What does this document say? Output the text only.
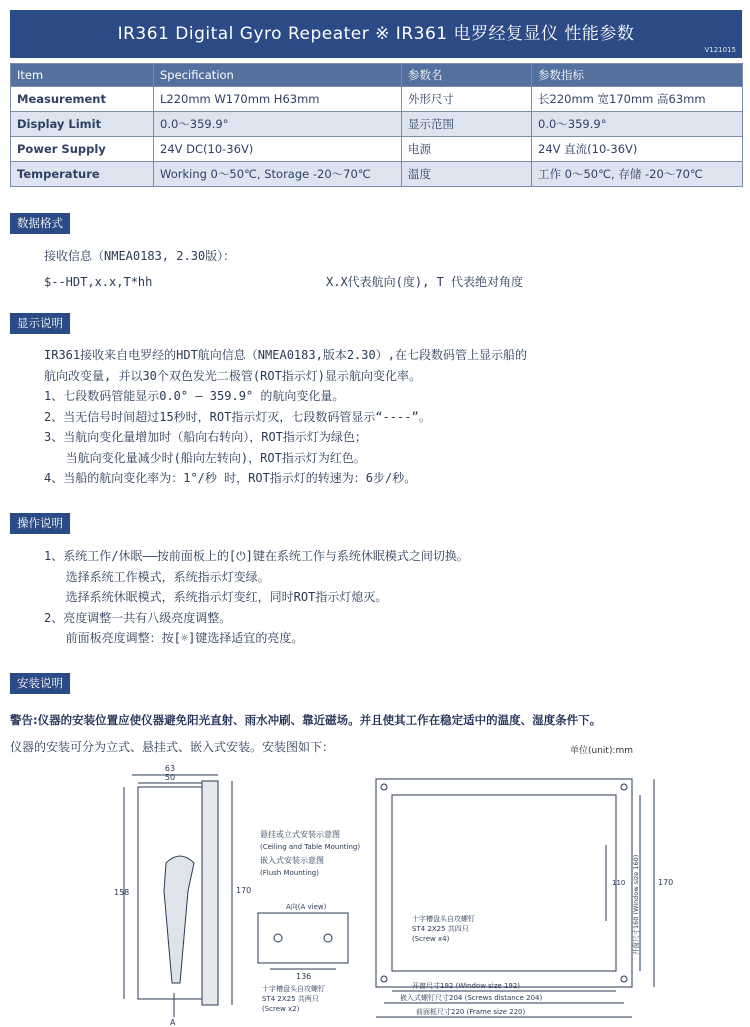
IR361 Digital Gyro Repeater ※ IR361 电罗经复显仪 性能参数
V121015
Item	Specification	参数名	参数指标
Measurement	L220mm W170mm H63mm	外形尺寸	长220mm 宽170mm 高63mm
Display Limit	0.0～359.9°	显示范围	0.0～359.9°
Power Supply	24V DC(10-36V)	电源	24V 直流(10-36V)
Temperature	Working 0～50℃, Storage -20～70℃	温度	工作 0～50℃, 存储 -20～70℃
数据格式
接收信息（NMEA0183, 2.30版）：
$--HDT,x.x,T*hh	X.X代表航向(度), T 代表绝对角度
显示说明
IR361接收来自电罗经的HDT航向信息（NMEA0183,版本2.30）,在七段数码管上显示船的
航向改变量, 并以30个双色发光二极管(ROT指示灯)显示航向变化率。
1、七段数码管能显示0.0° — 359.9° 的航向变化量。
2、当无信号时间超过15秒时，ROT指示灯灭，七段数码管显示“----”。
3、当航向变化量增加时（船向右转向），ROT指示灯为绿色；
当航向变化量减少时(船向左转向)，ROT指示灯为红色。
4、当船的航向变化率为：1°/秒 时，ROT指示灯的转速为：6步/秒。
操作说明
1、系统工作/休眠——按前面板上的[⏻]键在系统工作与系统休眠模式之间切换。
选择系统工作模式，系统指示灯变绿。
选择系统休眠模式，系统指示灯变红，同时ROT指示灯熄灭。
2、亮度调整一共有八级亮度调整。
前面板亮度调整：按[☼]键选择适宜的亮度。
安装说明
警告:仪器的安装位置应使仪器避免阳光直射、雨水冲刷、靠近磁场。并且使其工作在稳定适中的温度、湿度条件下。
仪器的安装可分为立式、悬挂式、嵌入式安装。安装图如下：	单位(unit):mm
63
50
158	170
悬挂或立式安装示意图
(Ceiling and Table Mounting)
嵌入式安装示意图
(Flush Mounting)
A向(A view)
A
136
十字槽盘头自攻螺钉
ST4 2X25 共两只
(Screw x2)
十字槽盘头自攻螺钉
ST4 2X25 共四只
(Screw x4)
110 开窗尺寸160 (Window size 160) 170
开窗尺寸192 (Window size 192)
嵌入式螺钉尺寸204 (Screws distance 204)
前面框尺寸220 (Frame size 220)
